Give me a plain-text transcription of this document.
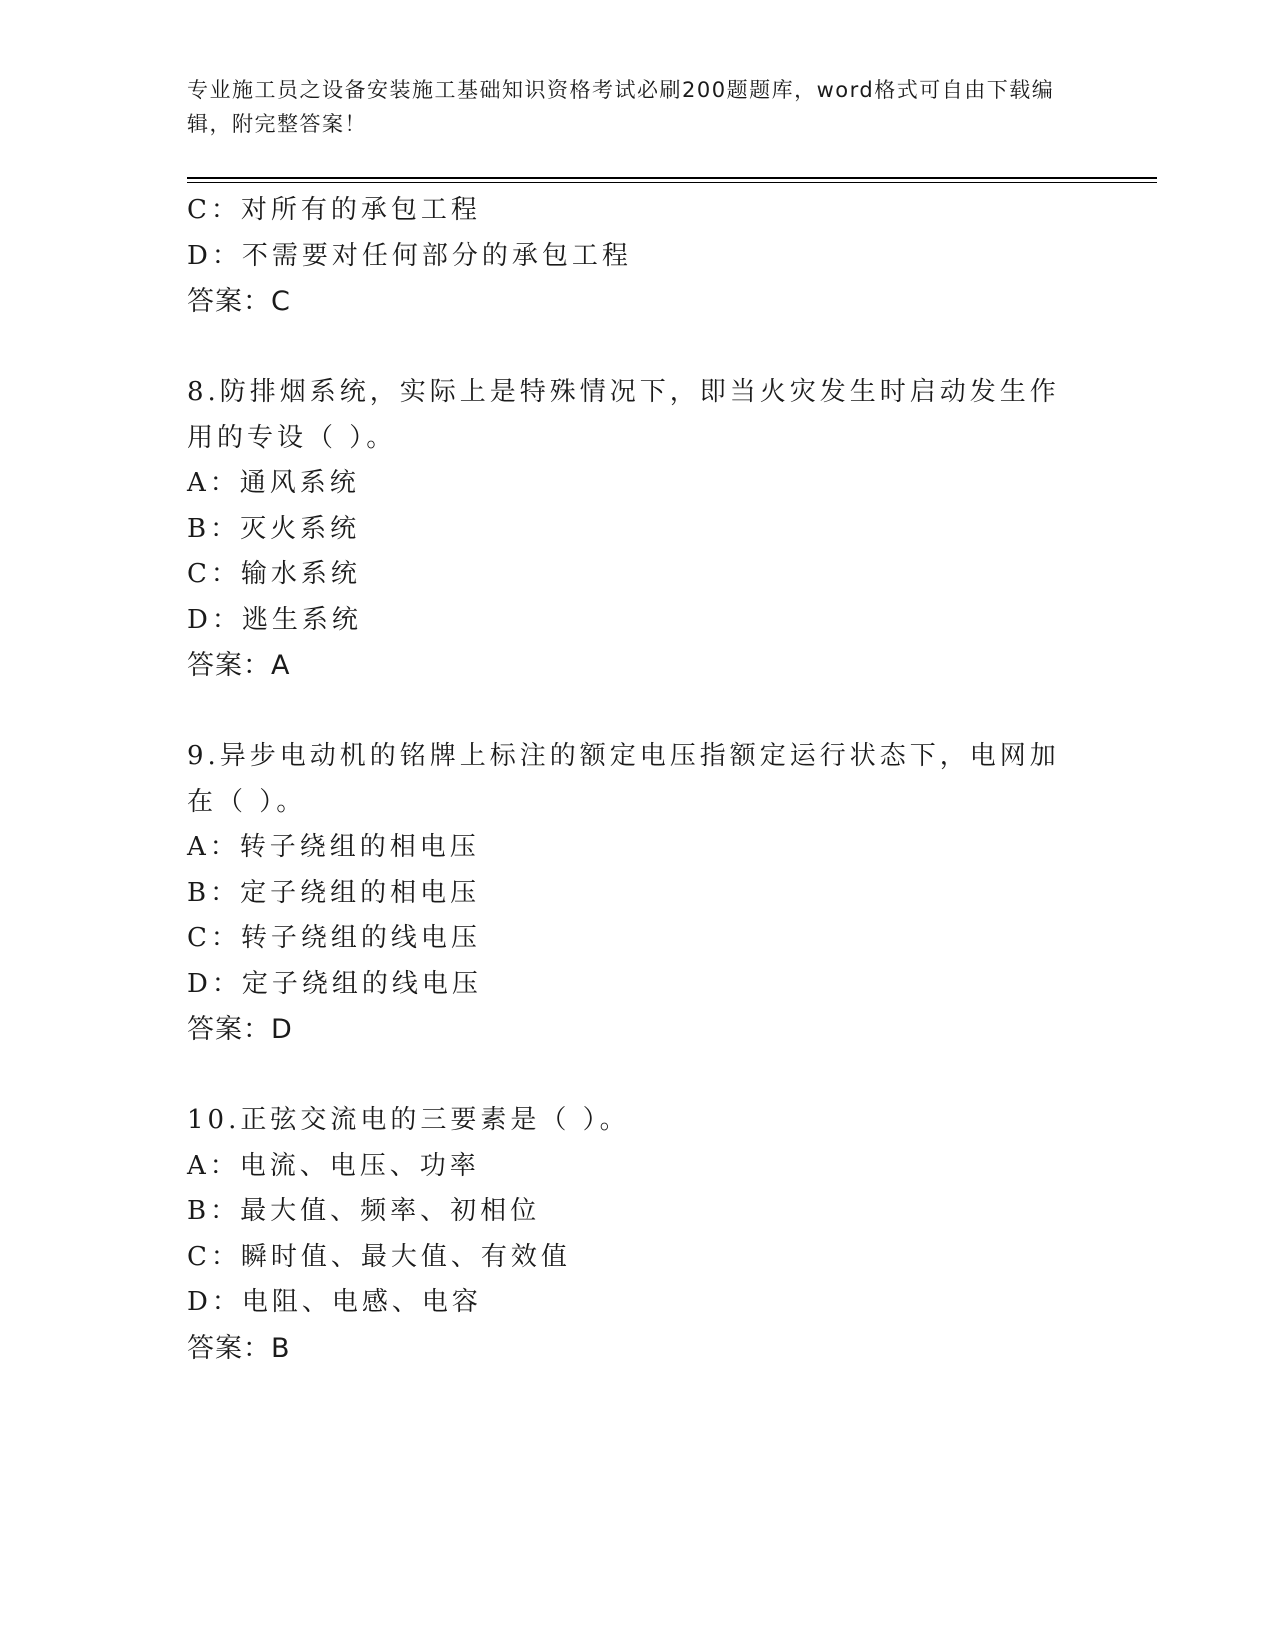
专业施工员之设备安装施工基础知识资格考试必刷200题题库，word格式可自由下载编辑，附完整答案！
C：对所有的承包工程
D：不需要对任何部分的承包工程
答案：C
8.防排烟系统，实际上是特殊情况下，即当火灾发生时启动发生作用的专设（ ）。
A：通风系统
B：灭火系统
C：输水系统
D：逃生系统
答案：A
9.异步电动机的铭牌上标注的额定电压指额定运行状态下，电网加在（ ）。
A：转子绕组的相电压
B：定子绕组的相电压
C：转子绕组的线电压
D：定子绕组的线电压
答案：D
10.正弦交流电的三要素是（ ）。
A：电流、电压、功率
B：最大值、频率、初相位
C：瞬时值、最大值、有效值
D：电阻、电感、电容
答案：B
